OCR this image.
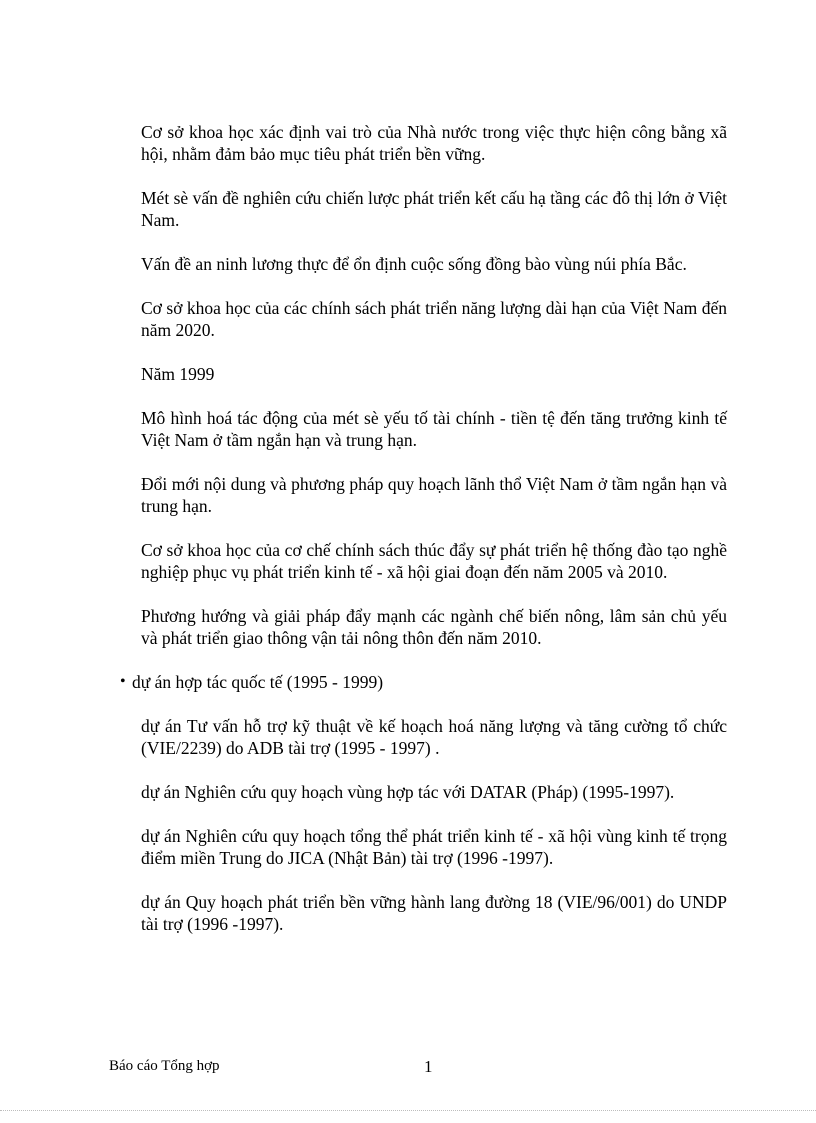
Cơ sở khoa học xác định vai trò của Nhà nước trong việc thực hiện công bằng xã hội, nhằm đảm bảo mục tiêu phát triển bền vững.

Mét sè vấn đề nghiên cứu chiến lược phát triển kết cấu hạ tầng các đô thị lớn ở Việt Nam.

Vấn đề an ninh lương thực để ổn định cuộc sống đồng bào vùng núi phía Bắc.

Cơ sở khoa học của các chính sách phát triển năng lượng dài hạn của Việt Nam đến năm 2020.

Năm 1999

Mô hình hoá tác động của mét sè yếu tố tài chính - tiền tệ đến tăng trưởng kinh tế Việt Nam ở tầm ngắn hạn và trung hạn.

Đổi mới nội dung và phương pháp quy hoạch lãnh thổ Việt Nam ở tầm ngắn hạn và trung hạn.

Cơ sở khoa học của cơ chế chính sách thúc đẩy sự phát triển hệ thống đào tạo nghề nghiệp phục vụ phát triển kinh tế - xã hội giai đoạn đến năm 2005 và 2010.

Phương hướng và giải pháp đẩy mạnh các ngành chế biến nông, lâm sản chủ yếu và phát triển giao thông vận tải nông thôn đến năm 2010.

• dự án hợp tác quốc tế (1995 - 1999)

dự án Tư vấn hỗ trợ kỹ thuật về kế hoạch hoá năng lượng và tăng cường tổ chức (VIE/2239) do ADB tài trợ (1995 - 1997) .

dự án Nghiên cứu quy hoạch vùng hợp tác với DATAR (Pháp) (1995-1997).

dự án Nghiên cứu quy hoạch tổng thể phát triển kinh tế - xã hội vùng kinh tế trọng điểm miền Trung do JICA (Nhật Bản) tài trợ (1996 -1997).

dự án Quy hoạch phát triển bền vững hành lang đường 18 (VIE/96/001) do UNDP tài trợ (1996 -1997).

Báo cáo Tổng hợp	1
